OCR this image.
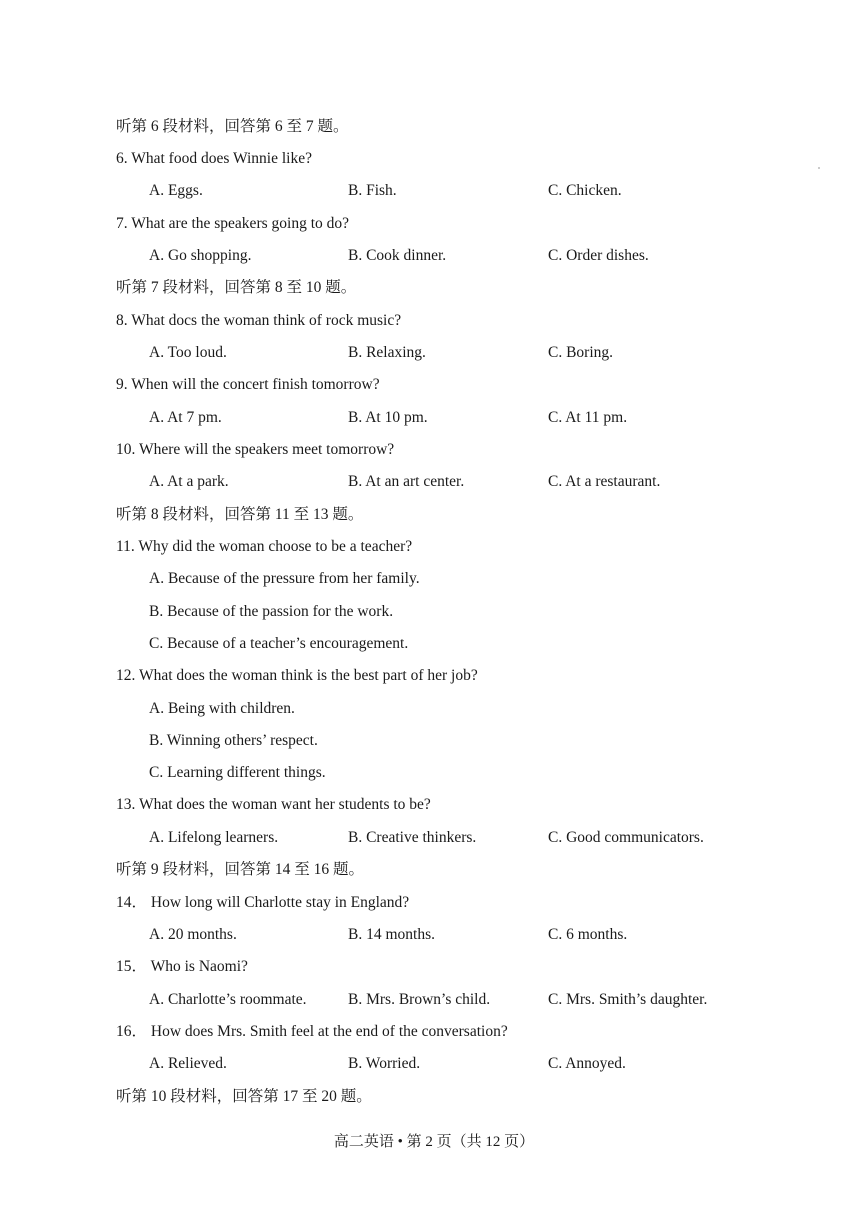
听第 6 段材料，回答第 6 至 7 题。
6. What food does Winnie like?
A. Eggs.	B. Fish.	C. Chicken.
7. What are the speakers going to do?
A. Go shopping.	B. Cook dinner.	C. Order dishes.
听第 7 段材料，回答第 8 至 10 题。
8. What docs the woman think of rock music?
A. Too loud.	B. Relaxing.	C. Boring.
9. When will the concert finish tomorrow?
A. At 7 pm.	B. At 10 pm.	C. At 11 pm.
10. Where will the speakers meet tomorrow?
A. At a park.	B. At an art center.	C. At a restaurant.
听第 8 段材料，回答第 11 至 13 题。
11. Why did the woman choose to be a teacher?
A. Because of the pressure from her family.
B. Because of the passion for the work.
C. Because of a teacher’s encouragement.
12. What does the woman think is the best part of her job?
A. Being with children.
B. Winning others’ respect.
C. Learning different things.
13. What does the woman want her students to be?
A. Lifelong learners.	B. Creative thinkers.	C. Good communicators.
听第 9 段材料，回答第 14 至 16 题。
14． How long will Charlotte stay in England?
A. 20 months.	B. 14 months.	C. 6 months.
15． Who is Naomi?
A. Charlotte’s roommate.	B. Mrs. Brown’s child.	C. Mrs. Smith’s daughter.
16． How does Mrs. Smith feel at the end of the conversation?
A. Relieved.	B. Worried.	C. Annoyed.
听第 10 段材料，回答第 17 至 20 题。
高二英语 • 第 2 页（共 12 页）
